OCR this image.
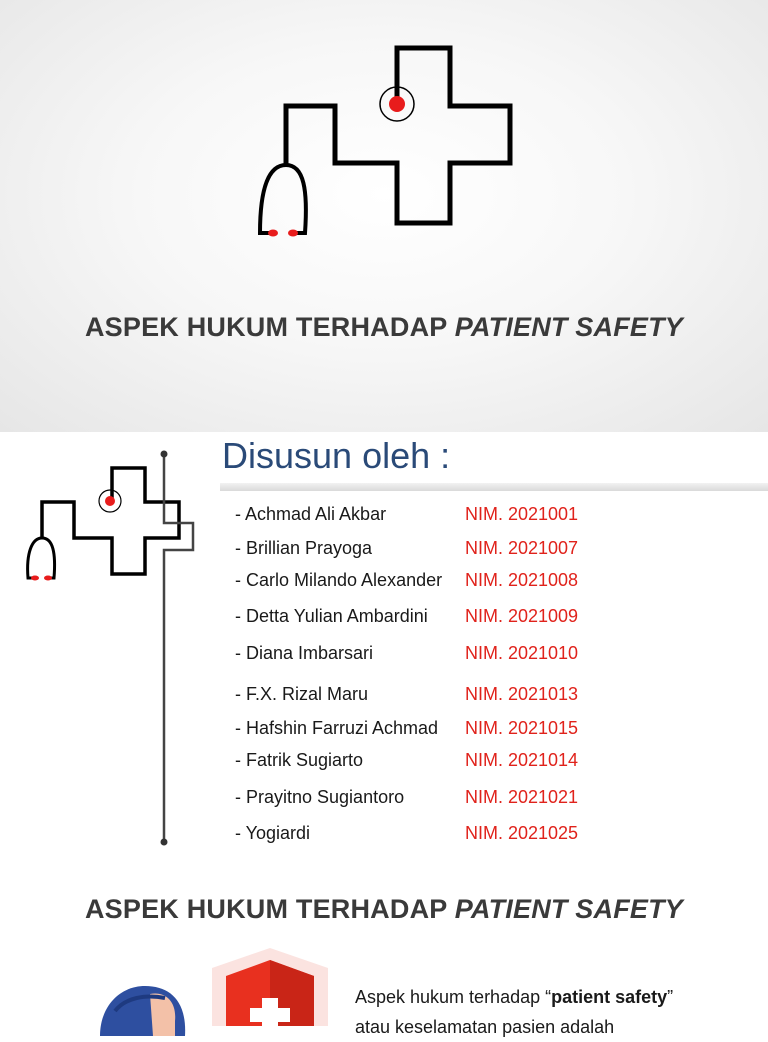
ASPEK HUKUM TERHADAP PATIENT SAFETY
Disusun oleh :
- Achmad Ali Akbar	NIM. 2021001
- Brillian Prayoga	NIM. 2021007
- Carlo Milando Alexander NIM. 2021008
- Detta Yulian Ambardini NIM. 2021009
- Diana Imbarsari	NIM. 2021010
- F.X. Rizal Maru	NIM. 2021013
- Hafshin Farruzi Achmad NIM. 2021015
- Fatrik Sugiarto	NIM. 2021014
- Prayitno Sugiantoro	NIM. 2021021
- Yogiardi	NIM. 2021025
ASPEK HUKUM TERHADAP PATIENT SAFETY
Aspek hukum terhadap “patient safety”
atau keselamatan pasien adalah
